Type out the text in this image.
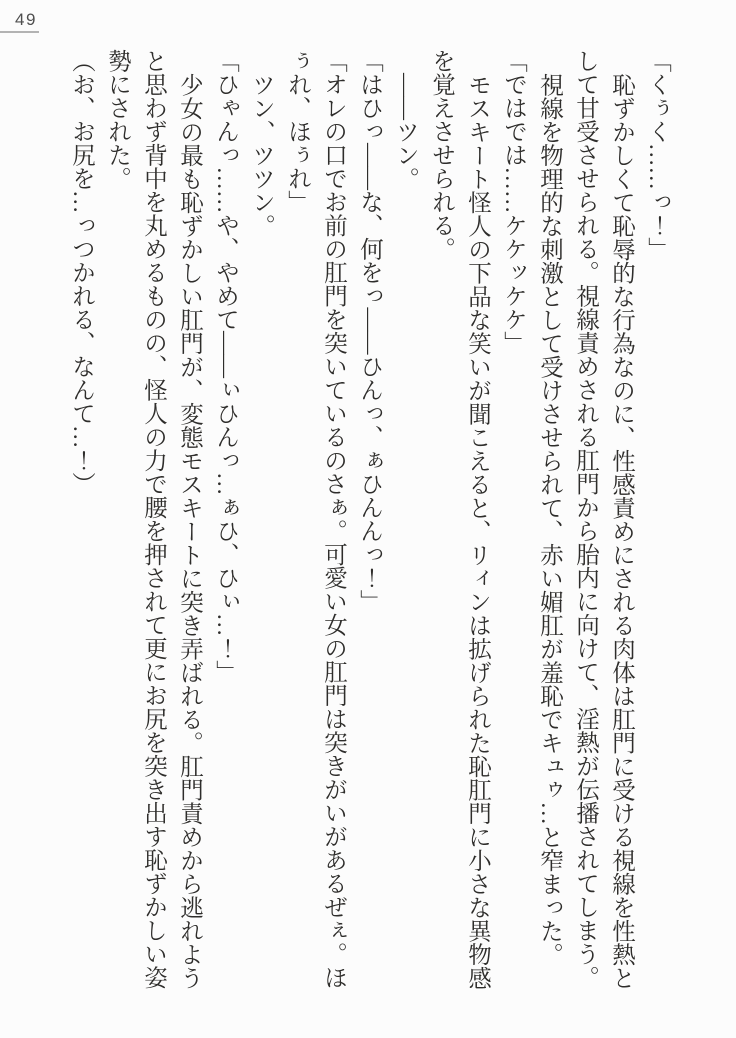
49

「くぅく……っ！」

恥ずかしくて恥辱的な行為なのに、性感責めにされる肉体は肛門に受ける視線を性熱と

して甘受させられる。視線責めされる肛門から胎内に向けて、淫熱が伝播されてしまう。

視線を物理的な刺激として受けさせられて、赤い媚肛が羞恥でキュゥ…と窄まった。

「ではでは……ケケッケケ」

モスキート怪人の下品な笑いが聞こえると、リィンは拡げられた恥肛門に小さな異物感

を覚えさせられる。

――ツン。

「はひっ――な、何をっ――ひんっ、ぁひんんっ！」

「オレの口でお前の肛門を突いているのさぁ。可愛い女の肛門は突きがいがあるぜぇ。ほ

ぅれ、ほぅれ」

ツン、ツツン。

「ひゃんっ……や、やめて――ぃひんっ…ぁひ、ひぃ…！」

少女の最も恥ずかしい肛門が、変態モスキートに突き弄ばれる。肛門責めから逃れよう

と思わず背中を丸めるものの、怪人の力で腰を押されて更にお尻を突き出す恥ずかしい姿

勢にされた。

（お、お尻を…っつかれる、なんて…！）
